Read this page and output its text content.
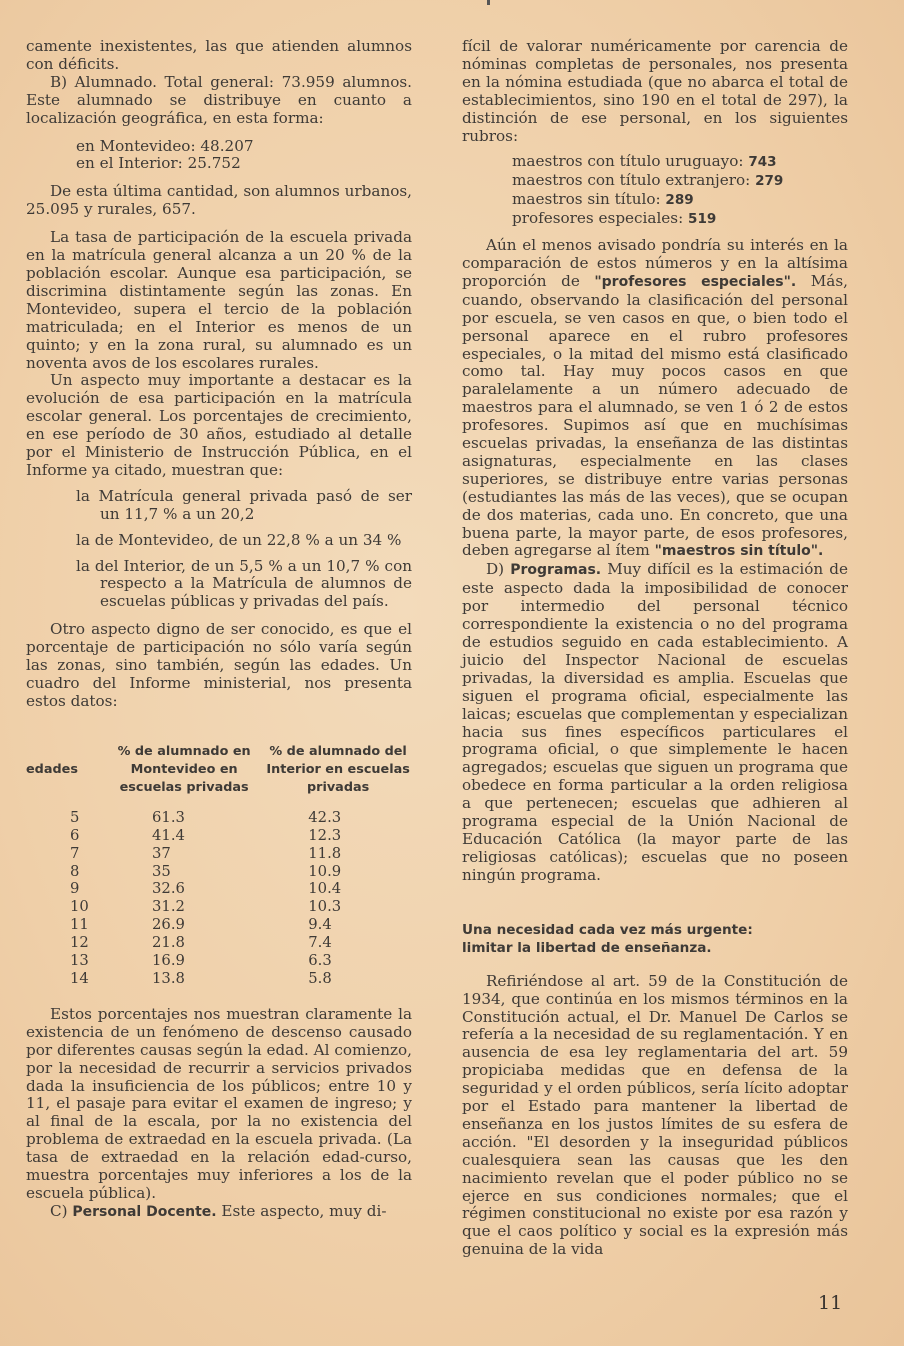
camente inexistentes, las que atienden alumnos con déficits.

B) Alumnado. Total general: 73.959 alumnos. Este alumnado se distribuye en cuanto a localización geográfica, en esta forma:

en Montevideo: 48.207
en el Interior: 25.752

De esta última cantidad, son alumnos urbanos, 25.095 y rurales, 657.

La tasa de participación de la escuela privada en la matrícula general alcanza a un 20 % de la población escolar. Aunque esa participación, se discrimina distintamente según las zonas. En Montevideo, supera el tercio de la población matriculada; en el Interior es menos de un quinto; y en la zona rural, su alumnado es un noventa avos de los escolares rurales.

Un aspecto muy importante a destacar es la evolución de esa participación en la matrícula escolar general. Los porcentajes de crecimiento, en ese período de 30 años, estudiado al detalle por el Ministerio de Instrucción Pública, en el Informe ya citado, muestran que:

la Matrícula general privada pasó de ser un 11,7 % a un 20,2
la de Montevideo, de un 22,8 % a un 34 %
la del Interior, de un 5,5 % a un 10,7 % con respecto a la Matrícula de alumnos de escuelas públicas y privadas del país.

Otro aspecto digno de ser conocido, es que el porcentaje de participación no sólo varía según las zonas, sino también, según las edades. Un cuadro del Informe ministerial, nos presenta estos datos:

edades	% de alumnado en Montevideo en escuelas privadas	% de alumnado del Interior en escuelas privadas
5	61.3	42.3
6	41.4	12.3
7	37	11.8
8	35	10.9
9	32.6	10.4
10	31.2	10.3
11	26.9	9.4
12	21.8	7.4
13	16.9	6.3
14	13.8	5.8

Estos porcentajes nos muestran claramente la existencia de un fenómeno de descenso causado por diferentes causas según la edad. Al comienzo, por la necesidad de recurrir a servicios privados dada la insuficiencia de los públicos; entre 10 y 11, el pasaje para evitar el examen de ingreso; y al final de la escala, por la no existencia del problema de extraedad en la escuela privada. (La tasa de extraedad en la relación edad-curso, muestra porcentajes muy inferiores a los de la escuela pública).

C) Personal Docente. Este aspecto, muy di-

fícil de valorar numéricamente por carencia de nóminas completas de personales, nos presenta en la nómina estudiada (que no abarca el total de establecimientos, sino 190 en el total de 297), la distinción de ese personal, en los siguientes rubros:

maestros con título uruguayo: 743
maestros con título extranjero: 279
maestros sin título: 289
profesores especiales: 519

Aún el menos avisado pondría su interés en la comparación de estos números y en la altísima proporción de "profesores especiales". Más, cuando, observando la clasificación del personal por escuela, se ven casos en que, o bien todo el personal aparece en el rubro profesores especiales, o la mitad del mismo está clasificado como tal. Hay muy pocos casos en que paralelamente a un número adecuado de maestros para el alumnado, se ven 1 ó 2 de estos profesores. Supimos así que en muchísimas escuelas privadas, la enseñanza de las distintas asignaturas, especialmente en las clases superiores, se distribuye entre varias personas (estudiantes las más de las veces), que se ocupan de dos materias, cada uno. En concreto, que una buena parte, la mayor parte, de esos profesores, deben agregarse al ítem "maestros sin título".

D) Programas. Muy difícil es la estimación de este aspecto dada la imposibilidad de conocer por intermedio del personal técnico correspondiente la existencia o no del programa de estudios seguido en cada establecimiento. A juicio del Inspector Nacional de escuelas privadas, la diversidad es amplia. Escuelas que siguen el programa oficial, especialmente las laicas; escuelas que complementan y especializan hacia sus fines específicos particulares el programa oficial, o que simplemente le hacen agregados; escuelas que siguen un programa que obedece en forma particular a la orden religiosa a que pertenecen; escuelas que adhieren al programa especial de la Unión Nacional de Educación Católica (la mayor parte de las religiosas católicas); escuelas que no poseen ningún programa.

Una necesidad cada vez más urgente:
limitar la libertad de enseñanza.

Refiriéndose al art. 59 de la Constitución de 1934, que continúa en los mismos términos en la Constitución actual, el Dr. Manuel De Carlos se refería a la necesidad de su reglamentación. Y en ausencia de esa ley reglamentaria del art. 59 propiciaba medidas que en defensa de la seguridad y el orden públicos, sería lícito adoptar por el Estado para mantener la libertad de enseñanza en los justos límites de su esfera de acción. "El desorden y la inseguridad públicos cualesquiera sean las causas que les den nacimiento revelan que el poder público no se ejerce en sus condiciones normales; que el régimen constitucional no existe por esa razón y que el caos político y social es la expresión más genuina de la vida

11
